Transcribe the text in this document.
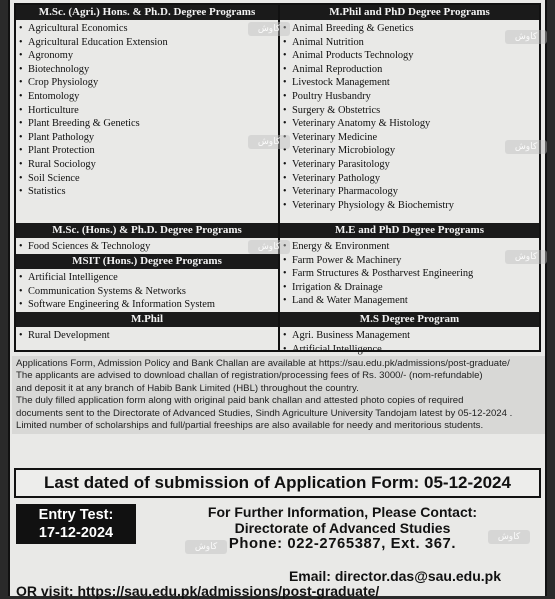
M.Sc. (Agri.) Hons. & Ph.D. Degree Programs
• Agricultural Economics
• Agricultural Education Extension
• Agronomy
• Biotechnology
• Crop Physiology
• Entomology
• Horticulture
• Plant Breeding & Genetics
• Plant Pathology
• Plant Protection
• Rural Sociology
• Soil Science
• Statistics
M.Sc. (Hons.) & Ph.D. Degree Programs
• Food Sciences & Technology
MSIT (Hons.) Degree Programs
• Artificial Intelligence
• Communication Systems & Networks
• Software Engineering & Information System
M.Phil
• Rural Development
M.Phil and PhD Degree Programs
• Animal Breeding & Genetics
• Animal Nutrition
• Animal Products Technology
• Animal Reproduction
• Livestock Management
• Poultry Husbandry
• Surgery & Obstetrics
• Veterinary Anatomy & Histology
• Veterinary Medicine
• Veterinary Microbiology
• Veterinary Parasitology
• Veterinary Pathology
• Veterinary Pharmacology
• Veterinary Physiology & Biochemistry
M.E and PhD Degree Programs
• Energy & Environment
• Farm Power & Machinery
• Farm Structures & Postharvest Engineering
• Irrigation & Drainage
• Land & Water Management
M.S Degree Program
• Agri. Business Management
• Artificial Intelligence

Applications Form, Admission Policy and Bank Challan are available at https://sau.edu.pk/admissions/post-graduate/

The applicants are advised to download challan of registration/processing fees of Rs. 3000/- (nom-refundable)

and deposit it at any branch of Habib Bank Limited (HBL) throughout the country.

The duly filled application form along with original paid bank challan and attested photo copies of required

documents sent to the Directorate of Advanced Studies, Sindh Agriculture University Tandojam latest by 05-12-2024 .

Limited number of scholarships and full/partial freeships are also available for needy and meritorious students.

Last dated of submission of Application Form: 05-12-2024
Entry Test:
17-12-2024
For Further Information, Please Contact:
Directorate of Advanced Studies
Phone: 022-2765387, Ext. 367.
Email: director.das@sau.edu.pk
OR visit: https://sau.edu.pk/admissions/post-graduate/
كاوش
كاوش
كاوش
كاوش
كاوش
كاوش
كاوش
كاوش
